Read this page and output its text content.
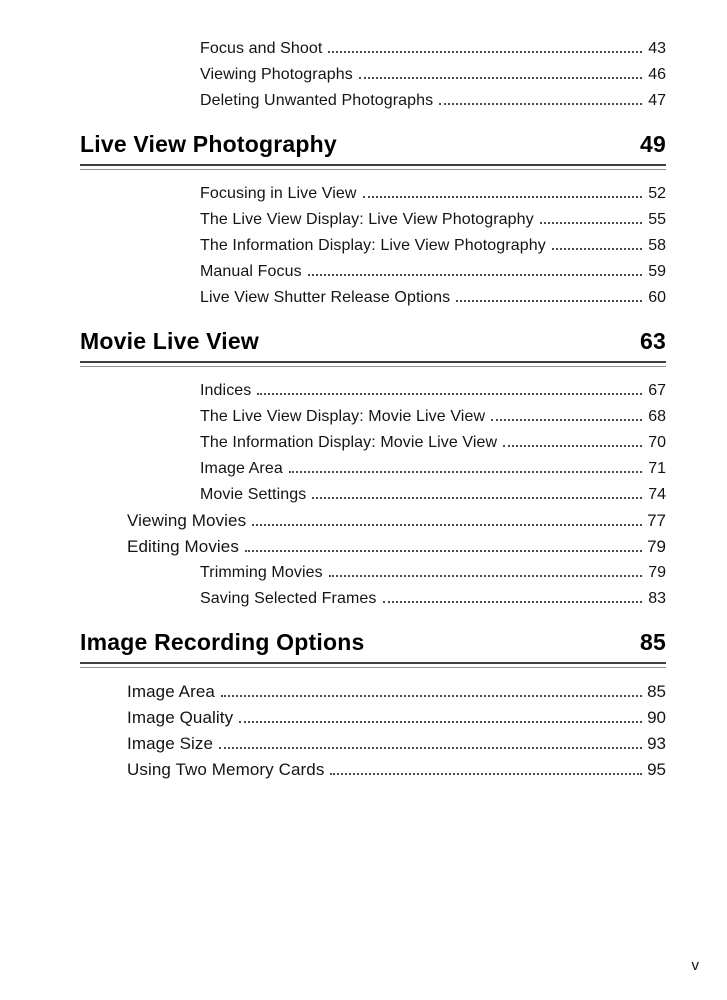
Focus and Shoot	43
Viewing Photographs	46
Deleting Unwanted Photographs	47
Live View Photography	49
Focusing in Live View	52
The Live View Display: Live View Photography	55
The Information Display: Live View Photography	58
Manual Focus	59
Live View Shutter Release Options	60
Movie Live View	63
Indices	67
The Live View Display: Movie Live View	68
The Information Display: Movie Live View	70
Image Area	71
Movie Settings	74
Viewing Movies	77
Editing Movies	79
Trimming Movies	79
Saving Selected Frames	83
Image Recording Options	85
Image Area	85
Image Quality	90
Image Size	93
Using Two Memory Cards	95
v
